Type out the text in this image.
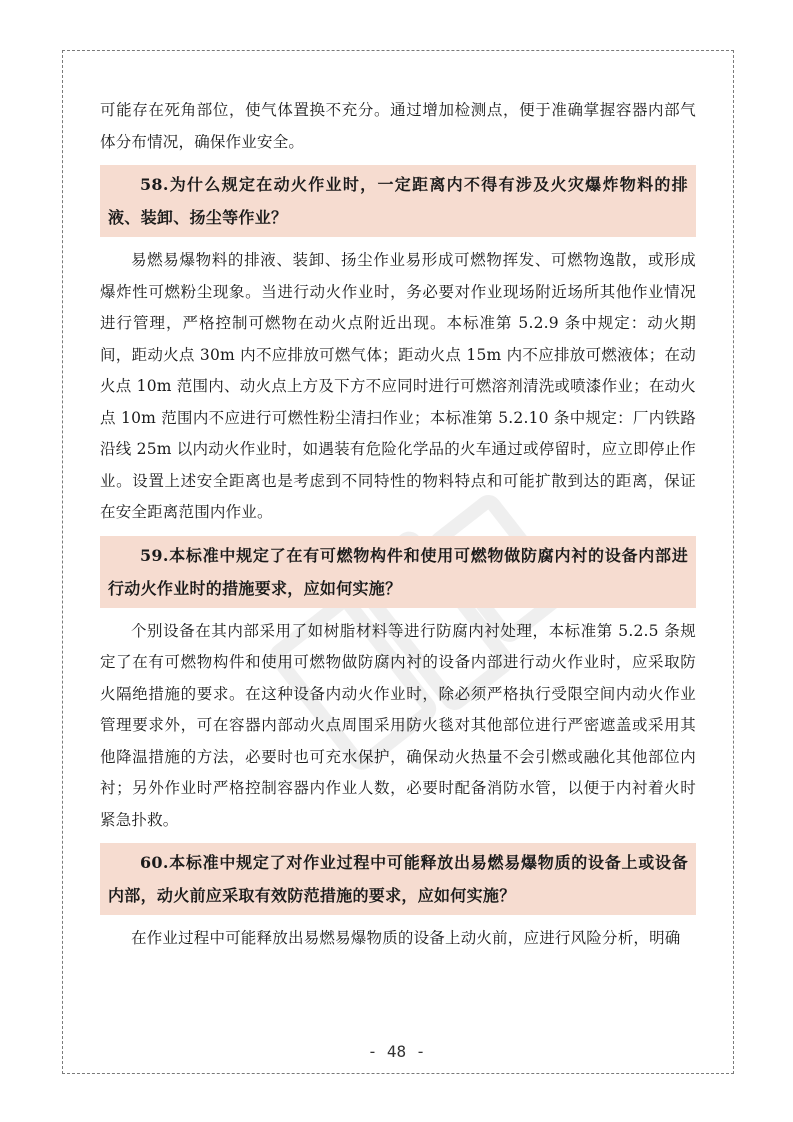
可能存在死角部位，使气体置换不充分。通过增加检测点，便于准确掌握容器内部气体分布情况，确保作业安全。

58.为什么规定在动火作业时，一定距离内不得有涉及火灾爆炸物料的排液、装卸、扬尘等作业？

易燃易爆物料的排液、装卸、扬尘作业易形成可燃物挥发、可燃物逸散，或形成爆炸性可燃粉尘现象。当进行动火作业时，务必要对作业现场附近场所其他作业情况进行管理，严格控制可燃物在动火点附近出现。本标准第 5.2.9 条中规定：动火期间，距动火点 30m 内不应排放可燃气体；距动火点 15m 内不应排放可燃液体；在动火点 10m 范围内、动火点上方及下方不应同时进行可燃溶剂清洗或喷漆作业；在动火点 10m 范围内不应进行可燃性粉尘清扫作业；本标准第 5.2.10 条中规定：厂内铁路沿线 25m 以内动火作业时，如遇装有危险化学品的火车通过或停留时，应立即停止作业。设置上述安全距离也是考虑到不同特性的物料特点和可能扩散到达的距离，保证在安全距离范围内作业。

59.本标准中规定了在有可燃物构件和使用可燃物做防腐内衬的设备内部进行动火作业时的措施要求，应如何实施？

个别设备在其内部采用了如树脂材料等进行防腐内衬处理，本标准第 5.2.5 条规定了在有可燃物构件和使用可燃物做防腐内衬的设备内部进行动火作业时，应采取防火隔绝措施的要求。在这种设备内动火作业时，除必须严格执行受限空间内动火作业管理要求外，可在容器内部动火点周围采用防火毯对其他部位进行严密遮盖或采用其他降温措施的方法，必要时也可充水保护，确保动火热量不会引燃或融化其他部位内衬；另外作业时严格控制容器内作业人数，必要时配备消防水管，以便于内衬着火时紧急扑救。

60.本标准中规定了对作业过程中可能释放出易燃易爆物质的设备上或设备内部，动火前应采取有效防范措施的要求，应如何实施？

在作业过程中可能释放出易燃易爆物质的设备上动火前，应进行风险分析，明确

- 48 -
